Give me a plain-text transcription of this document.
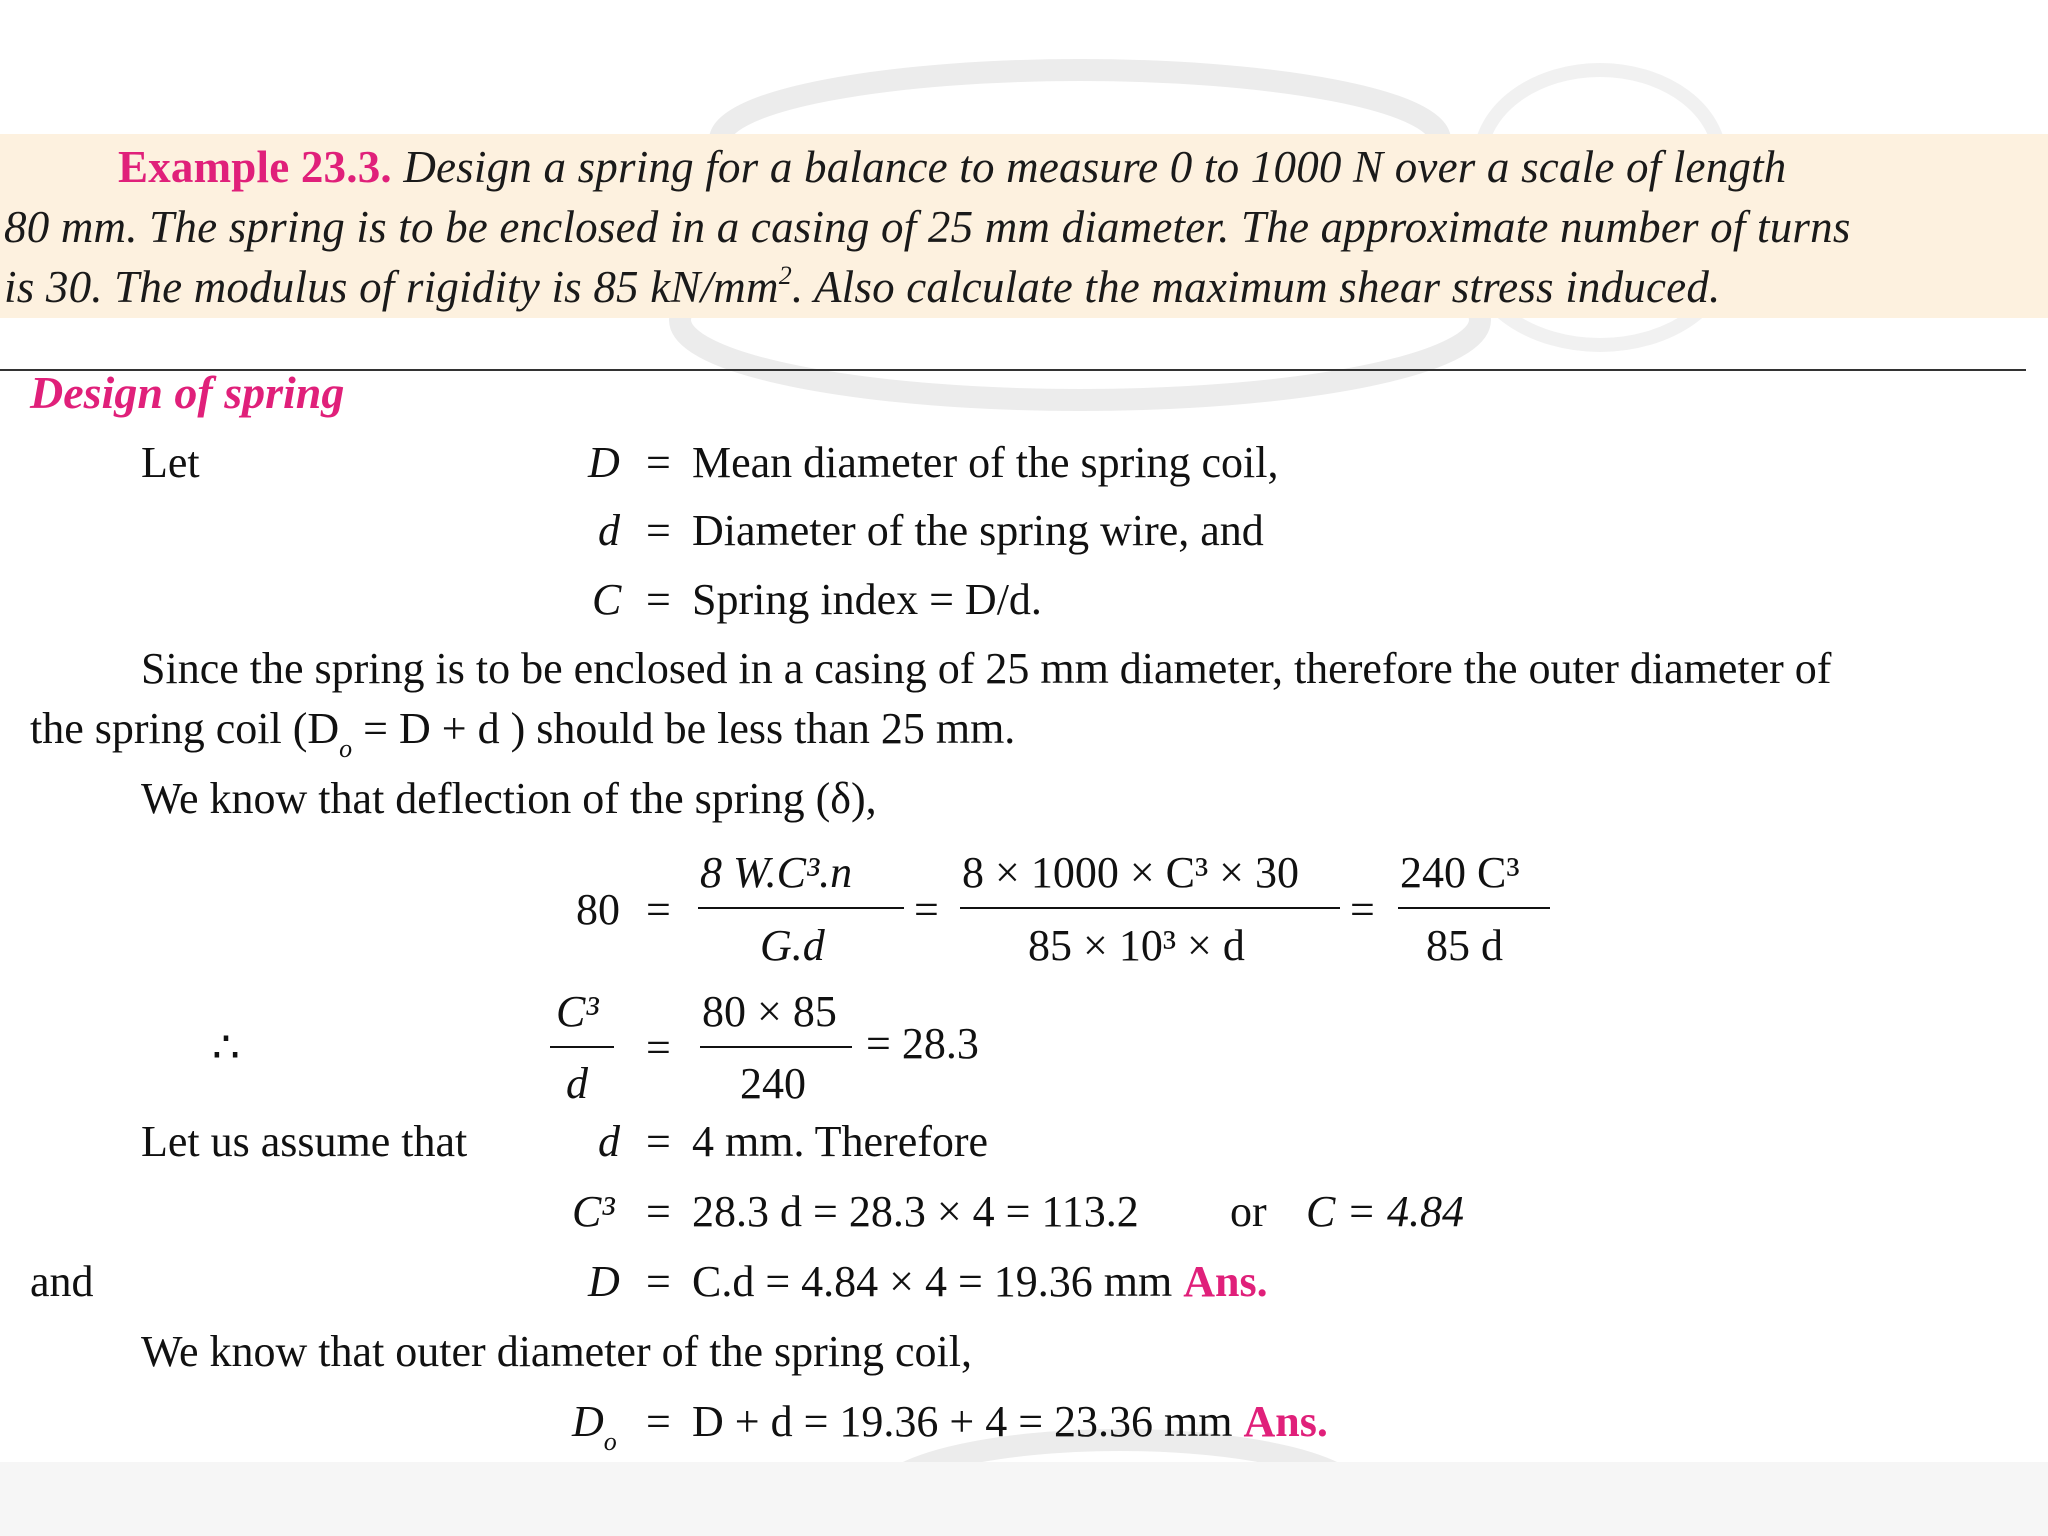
Example 23.3. Design a spring for a balance to measure 0 to 1000 N over a scale of length
80 mm. The spring is to be enclosed in a casing of 25 mm diameter. The approximate number of turns
is 30. The modulus of rigidity is 85 $kN/mm^2$. Also calculate the maximum shear stress induced.
Design of spring
Let	D = Mean diameter of the spring coil,
d = Diameter of the spring wire, and
C = Spring index = D/d.
Since the spring is to be enclosed in a casing of 25 mm diameter, therefore the outer diameter of
the spring coil ($D_o = D + d$ ) should be less than 25 mm.
We know that deflection of the spring (δ),
80 =
8 W.C³.n
G.d
=
8 × 1000 × C³ × 30
85 × 10³ × d
=
240 C³
85 d
∴
C³
d
=
80 × 85
240
= 28.3
Let us assume that	d = 4 mm. Therefore
C³ = 28.3 d = 28.3 × 4 = 113.2 or C = 4.84
and	D = C.d = 4.84 × 4 = 19.36 mm Ans.
We know that outer diameter of the spring coil,
$D_o = D + d = 19.36 + 4 = 23.36$ mm Ans.
